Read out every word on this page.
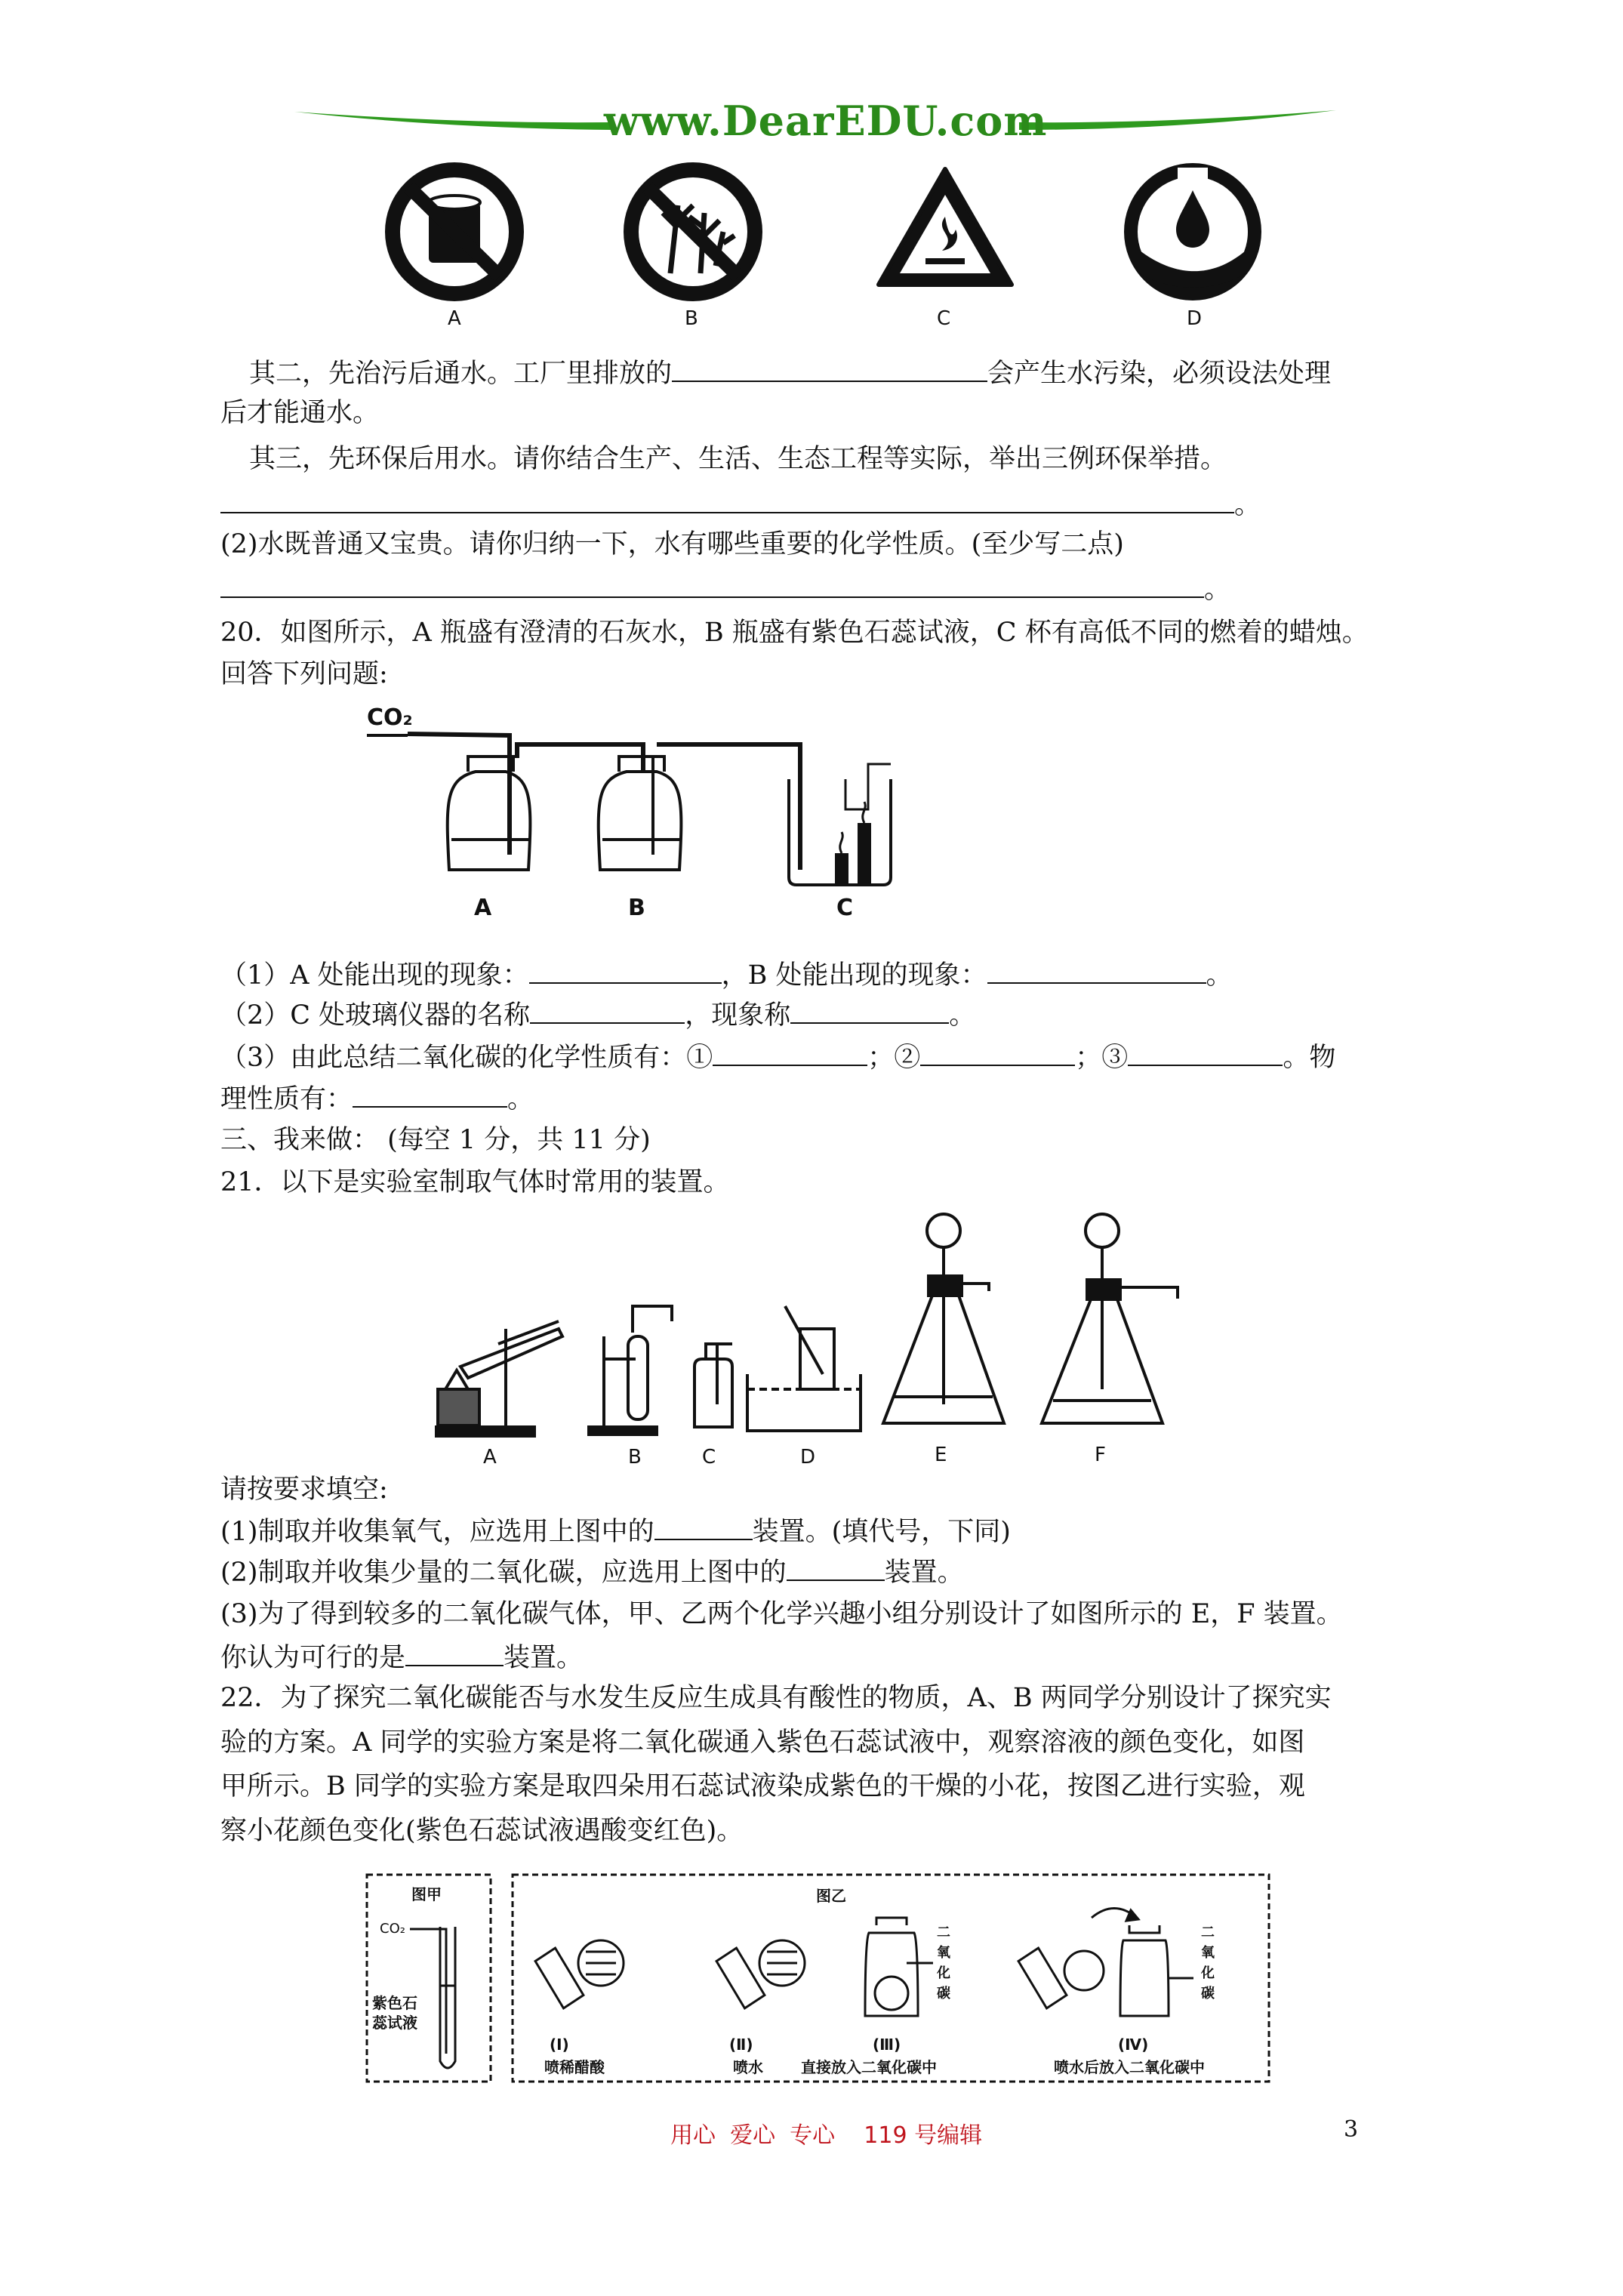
www.DearEDU.com
A	B	C	D
其二，先治污后通水。工厂里排放的	会产生水污染，必须设法处理
后才能通水。
其三，先环保后用水。请你结合生产、生活、生态工程等实际，举出三例环保举措。
。
(2)水既普通又宝贵。请你归纳一下，水有哪些重要的化学性质。(至少写二点)
。
20．如图所示，A 瓶盛有澄清的石灰水，B 瓶盛有紫色石蕊试液，C 杯有高低不同的燃着的蜡烛。
回答下列问题:
CO₂
A	B	C
（1）A 处能出现的现象：	，B 处能出现的现象：	。
（2）C 处玻璃仪器的名称	，现象称	。
（3）由此总结二氧化碳的化学性质有：①	；②	；③	。物
理性质有：	。
三、我来做： (每空 1 分，共 11 分)
21．以下是实验室制取气体时常用的装置。
A	B	C	D	E	F
请按要求填空:
(1)制取并收集氧气，应选用上图中的	装置。(填代号，下同)
(2)制取并收集少量的二氧化碳，应选用上图中的	装置。
(3)为了得到较多的二氧化碳气体，甲、乙两个化学兴趣小组分别设计了如图所示的 E，F 装置。
你认为可行的是	装置。
22．为了探究二氧化碳能否与水发生反应生成具有酸性的物质，A、B 两同学分别设计了探究实
验的方案。A 同学的实验方案是将二氧化碳通入紫色石蕊试液中，观察溶液的颜色变化，如图
甲所示。B 同学的实验方案是取四朵用石蕊试液染成紫色的干燥的小花，按图乙进行实验，观
察小花颜色变化(紫色石蕊试液遇酸变红色)。
图甲
CO₂
紫色石
蕊试液
图乙
(Ⅰ)
喷稀醋酸
(Ⅱ)
喷水
二
氧
化
碳
(Ⅲ)
直接放入二氧化碳中
二
氧
化
碳
(Ⅳ)
喷水后放入二氧化碳中
用心  爱心  专心    119 号编辑	3
